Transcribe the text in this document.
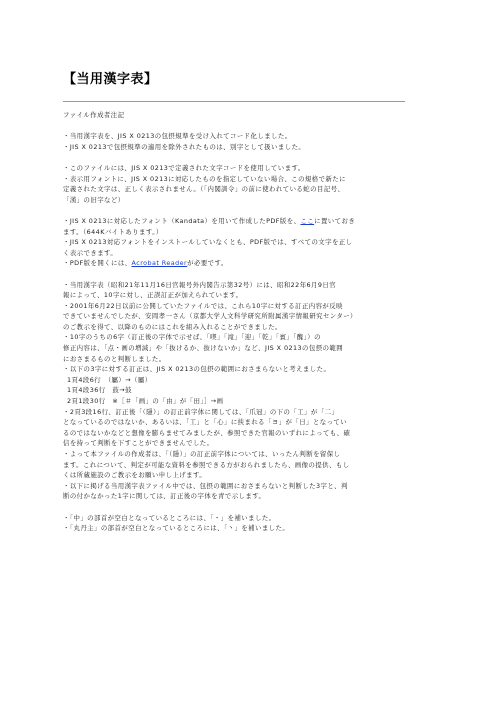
【当用漢字表】

ファイル作成者注記

・当用漢字表を、JIS X 0213の包摂規準を受け入れてコード化しました。

・JIS X 0213で包摂規準の適用を除外されたものは、別字として扱いました。

・このファイルには、JIS X 0213で定義された文字コードを使用しています。

・表示用フォントに、JIS X 0213に対応したものを指定していない場合、この規格で新たに

定義された文字は、正しく表示されません。（「内閣訓令」の前に使われている蛇の目記号、

「漢」の旧字など）

・JIS X 0213に対応したフォント（Kandata）を用いて作成したPDF版を、ここに置いておき

ます。（644Kバイトあります。）

・JIS X 0213対応フォントをインストールしていなくとも、PDF版では、すべての文字を正し

く表示できます。

・PDF版を開くには、Acrobat Readerが必要です。

・当用漢字表（昭和21年11月16日官報号外内閣告示第32号）には、昭和22年6月9日官

報によって、10字に対し、正誤訂正が加えられています。

・2001年6月22日以前に公開していたファイルでは、これら10字に対する訂正内容が反映

できていませんでしたが、安岡孝一さん（京都大学人文科学研究所附属漢字情報研究センター）

のご教示を得て、以降のものにはこれを組み入れることができました。

・10字のうちの6字（訂正後の字体で示せば、「喫」「滝」「迎」「乾」「賓」「醜」）の

修正内容は、「点・画の増減」や「抜けるか、抜けないか」など、JIS X 0213の包摂の範囲

におさまるものと判断しました。

・以下の3字に対する訂正は、JIS X 0213の包摂の範囲におさまらないと考えました。

1頁4段6行　（屬）→（屬）

1頁4段36行　鼓→鼓

2頁1段30行　※［＃「画」の「由」が「田」］→画

・2頁3段16行、訂正後「（隱）」の訂正前字体に関しては、「爪冠」の下の「工」が「二」

となっているのではないか、あるいは、「工」と「心」に挟まれる「ヨ」が「日」となってい

るのではないかなどと想像を膨らませてみましたが、参照できた官報のいずれによっても、確

信を持って判断を下すことができませんでした。

・よって本ファイルの作成者は、「（隱）」の訂正前字体については、いったん判断を留保し

ます。これについて、判定が可能な資料を参照できる方がおられましたら、画像の提供、もし

くは所蔵施設のご教示をお願い申し上げます。

・以下に掲げる当用漢字表ファイル中では、包摂の範囲におさまらないと判断した3字と、判

断の付かなかった1字に関しては、訂正後の字体を青で示します。

・「中」の部首が空白となっているところには、「・」を補いました。

・「丸丹主」の部首が空白となっているところには、「丶」を補いました。
